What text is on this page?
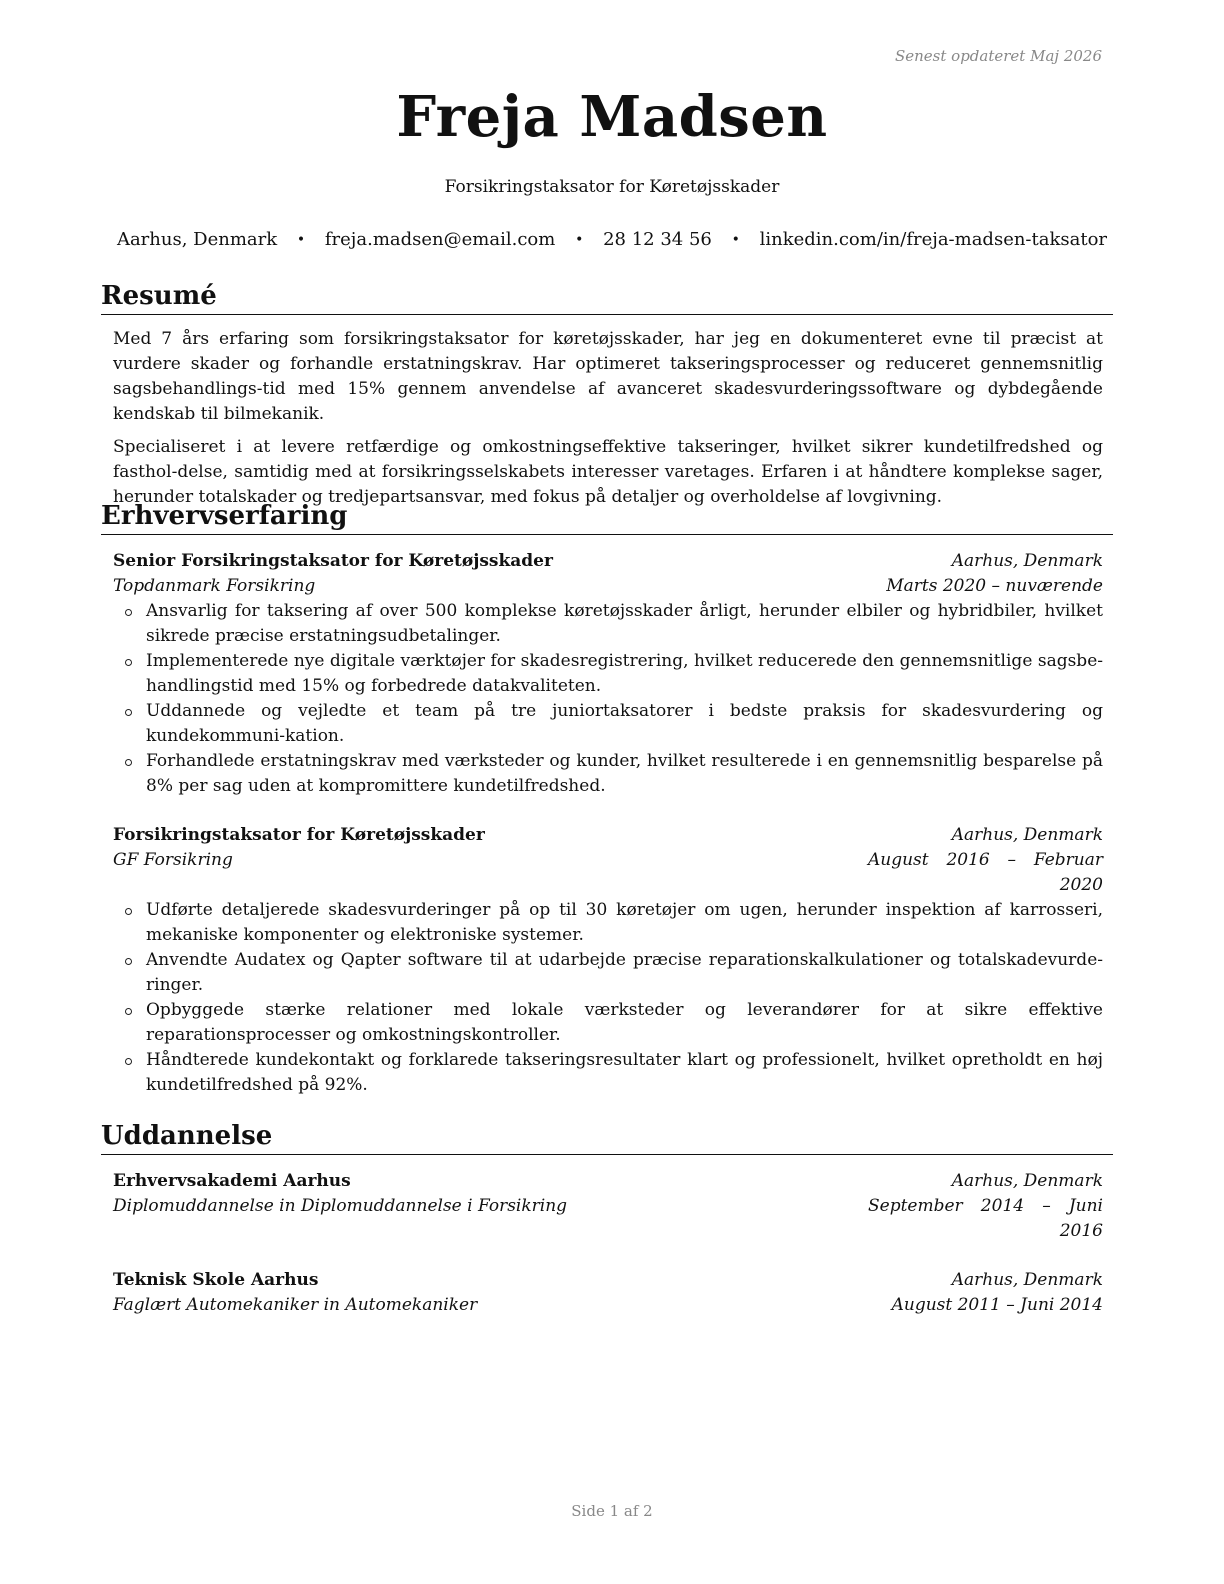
Senest opdateret Maj 2026
Freja Madsen
Forsikringstaksator for Køretøjsskader
Aarhus, Denmark • freja.madsen@email.com • 28 12 34 56 • linkedin.com/in/freja-madsen-taksator
Resumé

Med 7 års erfaring som forsikringstaksator for køretøjsskader, har jeg en dokumenteret evne til præcist at vurdere skader og forhandle erstatningskrav. Har optimeret takseringsprocesser og reduceret gennemsnitlig sagsbehandlings-tid med 15% gennem anvendelse af avanceret skadesvurderingssoftware og dybdegående kendskab til bilmekanik.

Specialiseret i at levere retfærdige og omkostningseffektive takseringer, hvilket sikrer kundetilfredshed og fasthol-delse, samtidig med at forsikringsselskabets interesser varetages. Erfaren i at håndtere komplekse sager, herunder totalskader og tredjepartsansvar, med fokus på detaljer og overholdelse af lovgivning.

Erhvervserfaring
Senior Forsikringstaksator for Køretøjsskader	Aarhus, Denmark
Topdanmark Forsikring	Marts 2020 – nuværende
Ansvarlig for taksering af over 500 komplekse køretøjsskader årligt, herunder elbiler og hybridbiler, hvilket sikrede præcise erstatningsudbetalinger.
Implementerede nye digitale værktøjer for skadesregistrering, hvilket reducerede den gennemsnitlige sagsbe-handlingstid med 15% og forbedrede datakvaliteten.
Uddannede og vejledte et team på tre juniortaksatorer i bedste praksis for skadesvurdering og kundekommuni-kation.
Forhandlede erstatningskrav med værksteder og kunder, hvilket resulterede i en gennemsnitlig besparelse på 8% per sag uden at kompromittere kundetilfredshed.
Forsikringstaksator for Køretøjsskader	Aarhus, Denmark
GF Forsikring	August 2016 – Februar 2020
Udførte detaljerede skadesvurderinger på op til 30 køretøjer om ugen, herunder inspektion af karrosseri, mekaniske komponenter og elektroniske systemer.
Anvendte Audatex og Qapter software til at udarbejde præcise reparationskalkulationer og totalskadevurde-ringer.
Opbyggede stærke relationer med lokale værksteder og leverandører for at sikre effektive reparationsprocesser og omkostningskontroller.
Håndterede kundekontakt og forklarede takseringsresultater klart og professionelt, hvilket opretholdt en høj kundetilfredshed på 92%.
Uddannelse
Erhvervsakademi Aarhus	Aarhus, Denmark
Diplomuddannelse in Diplomuddannelse i Forsikring	September 2014 – Juni 2016
Teknisk Skole Aarhus	Aarhus, Denmark
Faglært Automekaniker in Automekaniker	August 2011 – Juni 2014
Side 1 af 2
